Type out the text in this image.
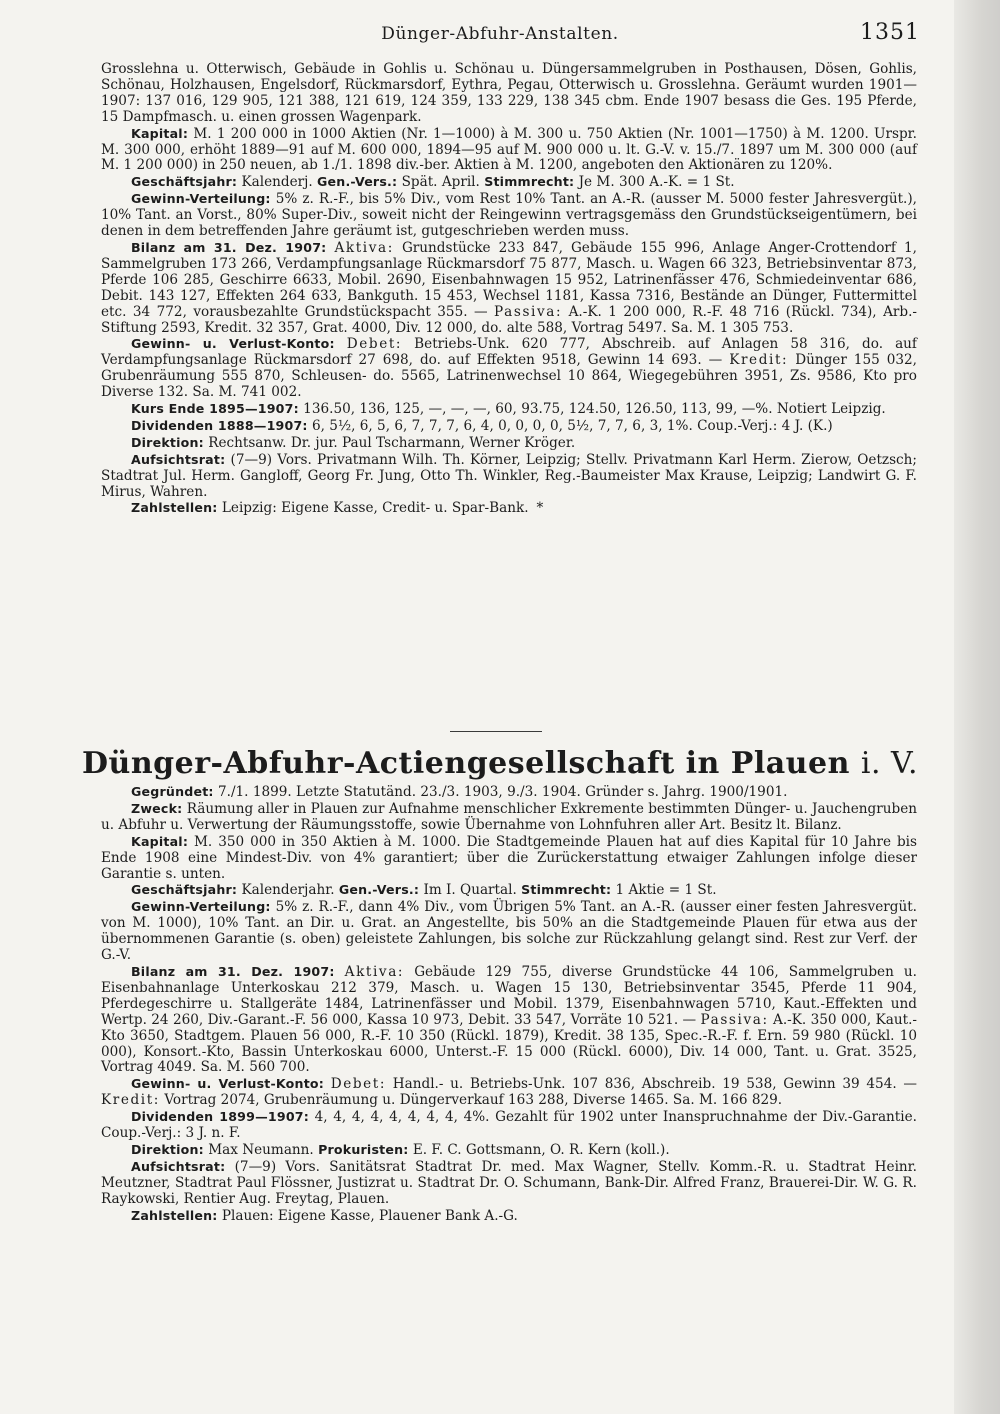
Dünger-Abfuhr-Anstalten.	1351

Grosslehna u. Otterwisch, Gebäude in Gohlis u. Schönau u. Düngersammelgruben in Posthausen, Dösen, Gohlis, Schönau, Holzhausen, Engelsdorf, Rückmarsdorf, Eythra, Pegau, Otterwisch u. Grosslehna. Geräumt wurden 1901—1907: 137 016, 129 905, 121 388, 121 619, 124 359, 133 229, 138 345 cbm. Ende 1907 besass die Ges. 195 Pferde, 15 Dampfmasch. u. einen grossen Wagenpark.

Kapital: M. 1 200 000 in 1000 Aktien (Nr. 1—1000) à M. 300 u. 750 Aktien (Nr. 1001—1750) à M. 1200. Urspr. M. 300 000, erhöht 1889—91 auf M. 600 000, 1894—95 auf M. 900 000 u. lt. G.-V. v. 15./7. 1897 um M. 300 000 (auf M. 1 200 000) in 250 neuen, ab 1./1. 1898 div.-ber. Aktien à M. 1200, angeboten den Aktionären zu 120%.

Geschäftsjahr: Kalenderj. Gen.-Vers.: Spät. April. Stimmrecht: Je M. 300 A.-K. = 1 St.

Gewinn-Verteilung: 5% z. R.-F., bis 5% Div., vom Rest 10% Tant. an A.-R. (ausser M. 5000 fester Jahresvergüt.), 10% Tant. an Vorst., 80% Super-Div., soweit nicht der Reingewinn vertragsgemäss den Grundstückseigentümern, bei denen in dem betreffenden Jahre geräumt ist, gutgeschrieben werden muss.

Bilanz am 31. Dez. 1907: Aktiva: Grundstücke 233 847, Gebäude 155 996, Anlage Anger-Crottendorf 1, Sammelgruben 173 266, Verdampfungsanlage Rückmarsdorf 75 877, Masch. u. Wagen 66 323, Betriebsinventar 873, Pferde 106 285, Geschirre 6633, Mobil. 2690, Eisenbahnwagen 15 952, Latrinenfässer 476, Schmiedeinventar 686, Debit. 143 127, Effekten 264 633, Bankguth. 15 453, Wechsel 1181, Kassa 7316, Bestände an Dünger, Futtermittel etc. 34 772, vorausbezahlte Grundstückspacht 355. — Passiva: A.-K. 1 200 000, R.-F. 48 716 (Rückl. 734), Arb.-Stiftung 2593, Kredit. 32 357, Grat. 4000, Div. 12 000, do. alte 588, Vortrag 5497. Sa. M. 1 305 753.

Gewinn- u. Verlust-Konto: Debet: Betriebs-Unk. 620 777, Abschreib. auf Anlagen 58 316, do. auf Verdampfungsanlage Rückmarsdorf 27 698, do. auf Effekten 9518, Gewinn 14 693. — Kredit: Dünger 155 032, Grubenräumung 555 870, Schleusen- do. 5565, Latrinenwechsel 10 864, Wiegegebühren 3951, Zs. 9586, Kto pro Diverse 132. Sa. M. 741 002.

Kurs Ende 1895—1907: 136.50, 136, 125, —, —, —, 60, 93.75, 124.50, 126.50, 113, 99, —%. Notiert Leipzig.

Dividenden 1888—1907: 6, 5½, 6, 5, 6, 7, 7, 7, 6, 4, 0, 0, 0, 0, 5½, 7, 7, 6, 3, 1%. Coup.-Verj.: 4 J. (K.)

Direktion: Rechtsanw. Dr. jur. Paul Tscharmann, Werner Kröger.

Aufsichtsrat: (7—9) Vors. Privatmann Wilh. Th. Körner, Leipzig; Stellv. Privatmann Karl Herm. Zierow, Oetzsch; Stadtrat Jul. Herm. Gangloff, Georg Fr. Jung, Otto Th. Winkler, Reg.-Baumeister Max Krause, Leipzig; Landwirt G. F. Mirus, Wahren.

Zahlstellen: Leipzig: Eigene Kasse, Credit- u. Spar-Bank. *

Dünger-Abfuhr-Actiengesellschaft in Plauen i. V.

Gegründet: 7./1. 1899. Letzte Statutänd. 23./3. 1903, 9./3. 1904. Gründer s. Jahrg. 1900/1901.

Zweck: Räumung aller in Plauen zur Aufnahme menschlicher Exkremente bestimmten Dünger- u. Jauchengruben u. Abfuhr u. Verwertung der Räumungsstoffe, sowie Übernahme von Lohnfuhren aller Art. Besitz lt. Bilanz.

Kapital: M. 350 000 in 350 Aktien à M. 1000. Die Stadtgemeinde Plauen hat auf dies Kapital für 10 Jahre bis Ende 1908 eine Mindest-Div. von 4% garantiert; über die Zurückerstattung etwaiger Zahlungen infolge dieser Garantie s. unten.

Geschäftsjahr: Kalenderjahr. Gen.-Vers.: Im I. Quartal. Stimmrecht: 1 Aktie = 1 St.

Gewinn-Verteilung: 5% z. R.-F., dann 4% Div., vom Übrigen 5% Tant. an A.-R. (ausser einer festen Jahresvergüt. von M. 1000), 10% Tant. an Dir. u. Grat. an Angestellte, bis 50% an die Stadtgemeinde Plauen für etwa aus der übernommenen Garantie (s. oben) geleistete Zahlungen, bis solche zur Rückzahlung gelangt sind. Rest zur Verf. der G.-V.

Bilanz am 31. Dez. 1907: Aktiva: Gebäude 129 755, diverse Grundstücke 44 106, Sammelgruben u. Eisenbahnanlage Unterkoskau 212 379, Masch. u. Wagen 15 130, Betriebsinventar 3545, Pferde 11 904, Pferdegeschirre u. Stallgeräte 1484, Latrinenfässer und Mobil. 1379, Eisenbahnwagen 5710, Kaut.-Effekten und Wertp. 24 260, Div.-Garant.-F. 56 000, Kassa 10 973, Debit. 33 547, Vorräte 10 521. — Passiva: A.-K. 350 000, Kaut.-Kto 3650, Stadtgem. Plauen 56 000, R.-F. 10 350 (Rückl. 1879), Kredit. 38 135, Spec.-R.-F. f. Ern. 59 980 (Rückl. 10 000), Konsort.-Kto, Bassin Unterkoskau 6000, Unterst.-F. 15 000 (Rückl. 6000), Div. 14 000, Tant. u. Grat. 3525, Vortrag 4049. Sa. M. 560 700.

Gewinn- u. Verlust-Konto: Debet: Handl.- u. Betriebs-Unk. 107 836, Abschreib. 19 538, Gewinn 39 454. — Kredit: Vortrag 2074, Grubenräumung u. Düngerverkauf 163 288, Diverse 1465. Sa. M. 166 829.

Dividenden 1899—1907: 4, 4, 4, 4, 4, 4, 4, 4, 4%. Gezahlt für 1902 unter Inanspruchnahme der Div.-Garantie. Coup.-Verj.: 3 J. n. F.

Direktion: Max Neumann. Prokuristen: E. F. C. Gottsmann, O. R. Kern (koll.).

Aufsichtsrat: (7—9) Vors. Sanitätsrat Stadtrat Dr. med. Max Wagner, Stellv. Komm.-R. u. Stadtrat Heinr. Meutzner, Stadtrat Paul Flössner, Justizrat u. Stadtrat Dr. O. Schumann, Bank-Dir. Alfred Franz, Brauerei-Dir. W. G. R. Raykowski, Rentier Aug. Freytag, Plauen.

Zahlstellen: Plauen: Eigene Kasse, Plauener Bank A.-G.
